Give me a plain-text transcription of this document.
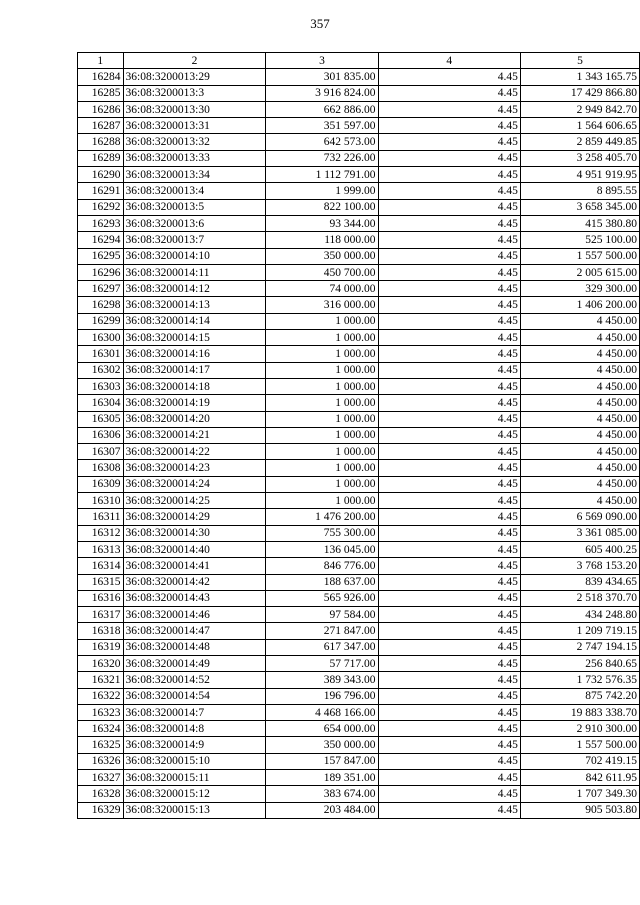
357
1	2	3	4	5
16284	36:08:3200013:29	301 835.00	4.45	1 343 165.75
16285	36:08:3200013:3	3 916 824.00	4.45	17 429 866.80
16286	36:08:3200013:30	662 886.00	4.45	2 949 842.70
16287	36:08:3200013:31	351 597.00	4.45	1 564 606.65
16288	36:08:3200013:32	642 573.00	4.45	2 859 449.85
16289	36:08:3200013:33	732 226.00	4.45	3 258 405.70
16290	36:08:3200013:34	1 112 791.00	4.45	4 951 919.95
16291	36:08:3200013:4	1 999.00	4.45	8 895.55
16292	36:08:3200013:5	822 100.00	4.45	3 658 345.00
16293	36:08:3200013:6	93 344.00	4.45	415 380.80
16294	36:08:3200013:7	118 000.00	4.45	525 100.00
16295	36:08:3200014:10	350 000.00	4.45	1 557 500.00
16296	36:08:3200014:11	450 700.00	4.45	2 005 615.00
16297	36:08:3200014:12	74 000.00	4.45	329 300.00
16298	36:08:3200014:13	316 000.00	4.45	1 406 200.00
16299	36:08:3200014:14	1 000.00	4.45	4 450.00
16300	36:08:3200014:15	1 000.00	4.45	4 450.00
16301	36:08:3200014:16	1 000.00	4.45	4 450.00
16302	36:08:3200014:17	1 000.00	4.45	4 450.00
16303	36:08:3200014:18	1 000.00	4.45	4 450.00
16304	36:08:3200014:19	1 000.00	4.45	4 450.00
16305	36:08:3200014:20	1 000.00	4.45	4 450.00
16306	36:08:3200014:21	1 000.00	4.45	4 450.00
16307	36:08:3200014:22	1 000.00	4.45	4 450.00
16308	36:08:3200014:23	1 000.00	4.45	4 450.00
16309	36:08:3200014:24	1 000.00	4.45	4 450.00
16310	36:08:3200014:25	1 000.00	4.45	4 450.00
16311	36:08:3200014:29	1 476 200.00	4.45	6 569 090.00
16312	36:08:3200014:30	755 300.00	4.45	3 361 085.00
16313	36:08:3200014:40	136 045.00	4.45	605 400.25
16314	36:08:3200014:41	846 776.00	4.45	3 768 153.20
16315	36:08:3200014:42	188 637.00	4.45	839 434.65
16316	36:08:3200014:43	565 926.00	4.45	2 518 370.70
16317	36:08:3200014:46	97 584.00	4.45	434 248.80
16318	36:08:3200014:47	271 847.00	4.45	1 209 719.15
16319	36:08:3200014:48	617 347.00	4.45	2 747 194.15
16320	36:08:3200014:49	57 717.00	4.45	256 840.65
16321	36:08:3200014:52	389 343.00	4.45	1 732 576.35
16322	36:08:3200014:54	196 796.00	4.45	875 742.20
16323	36:08:3200014:7	4 468 166.00	4.45	19 883 338.70
16324	36:08:3200014:8	654 000.00	4.45	2 910 300.00
16325	36:08:3200014:9	350 000.00	4.45	1 557 500.00
16326	36:08:3200015:10	157 847.00	4.45	702 419.15
16327	36:08:3200015:11	189 351.00	4.45	842 611.95
16328	36:08:3200015:12	383 674.00	4.45	1 707 349.30
16329	36:08:3200015:13	203 484.00	4.45	905 503.80
